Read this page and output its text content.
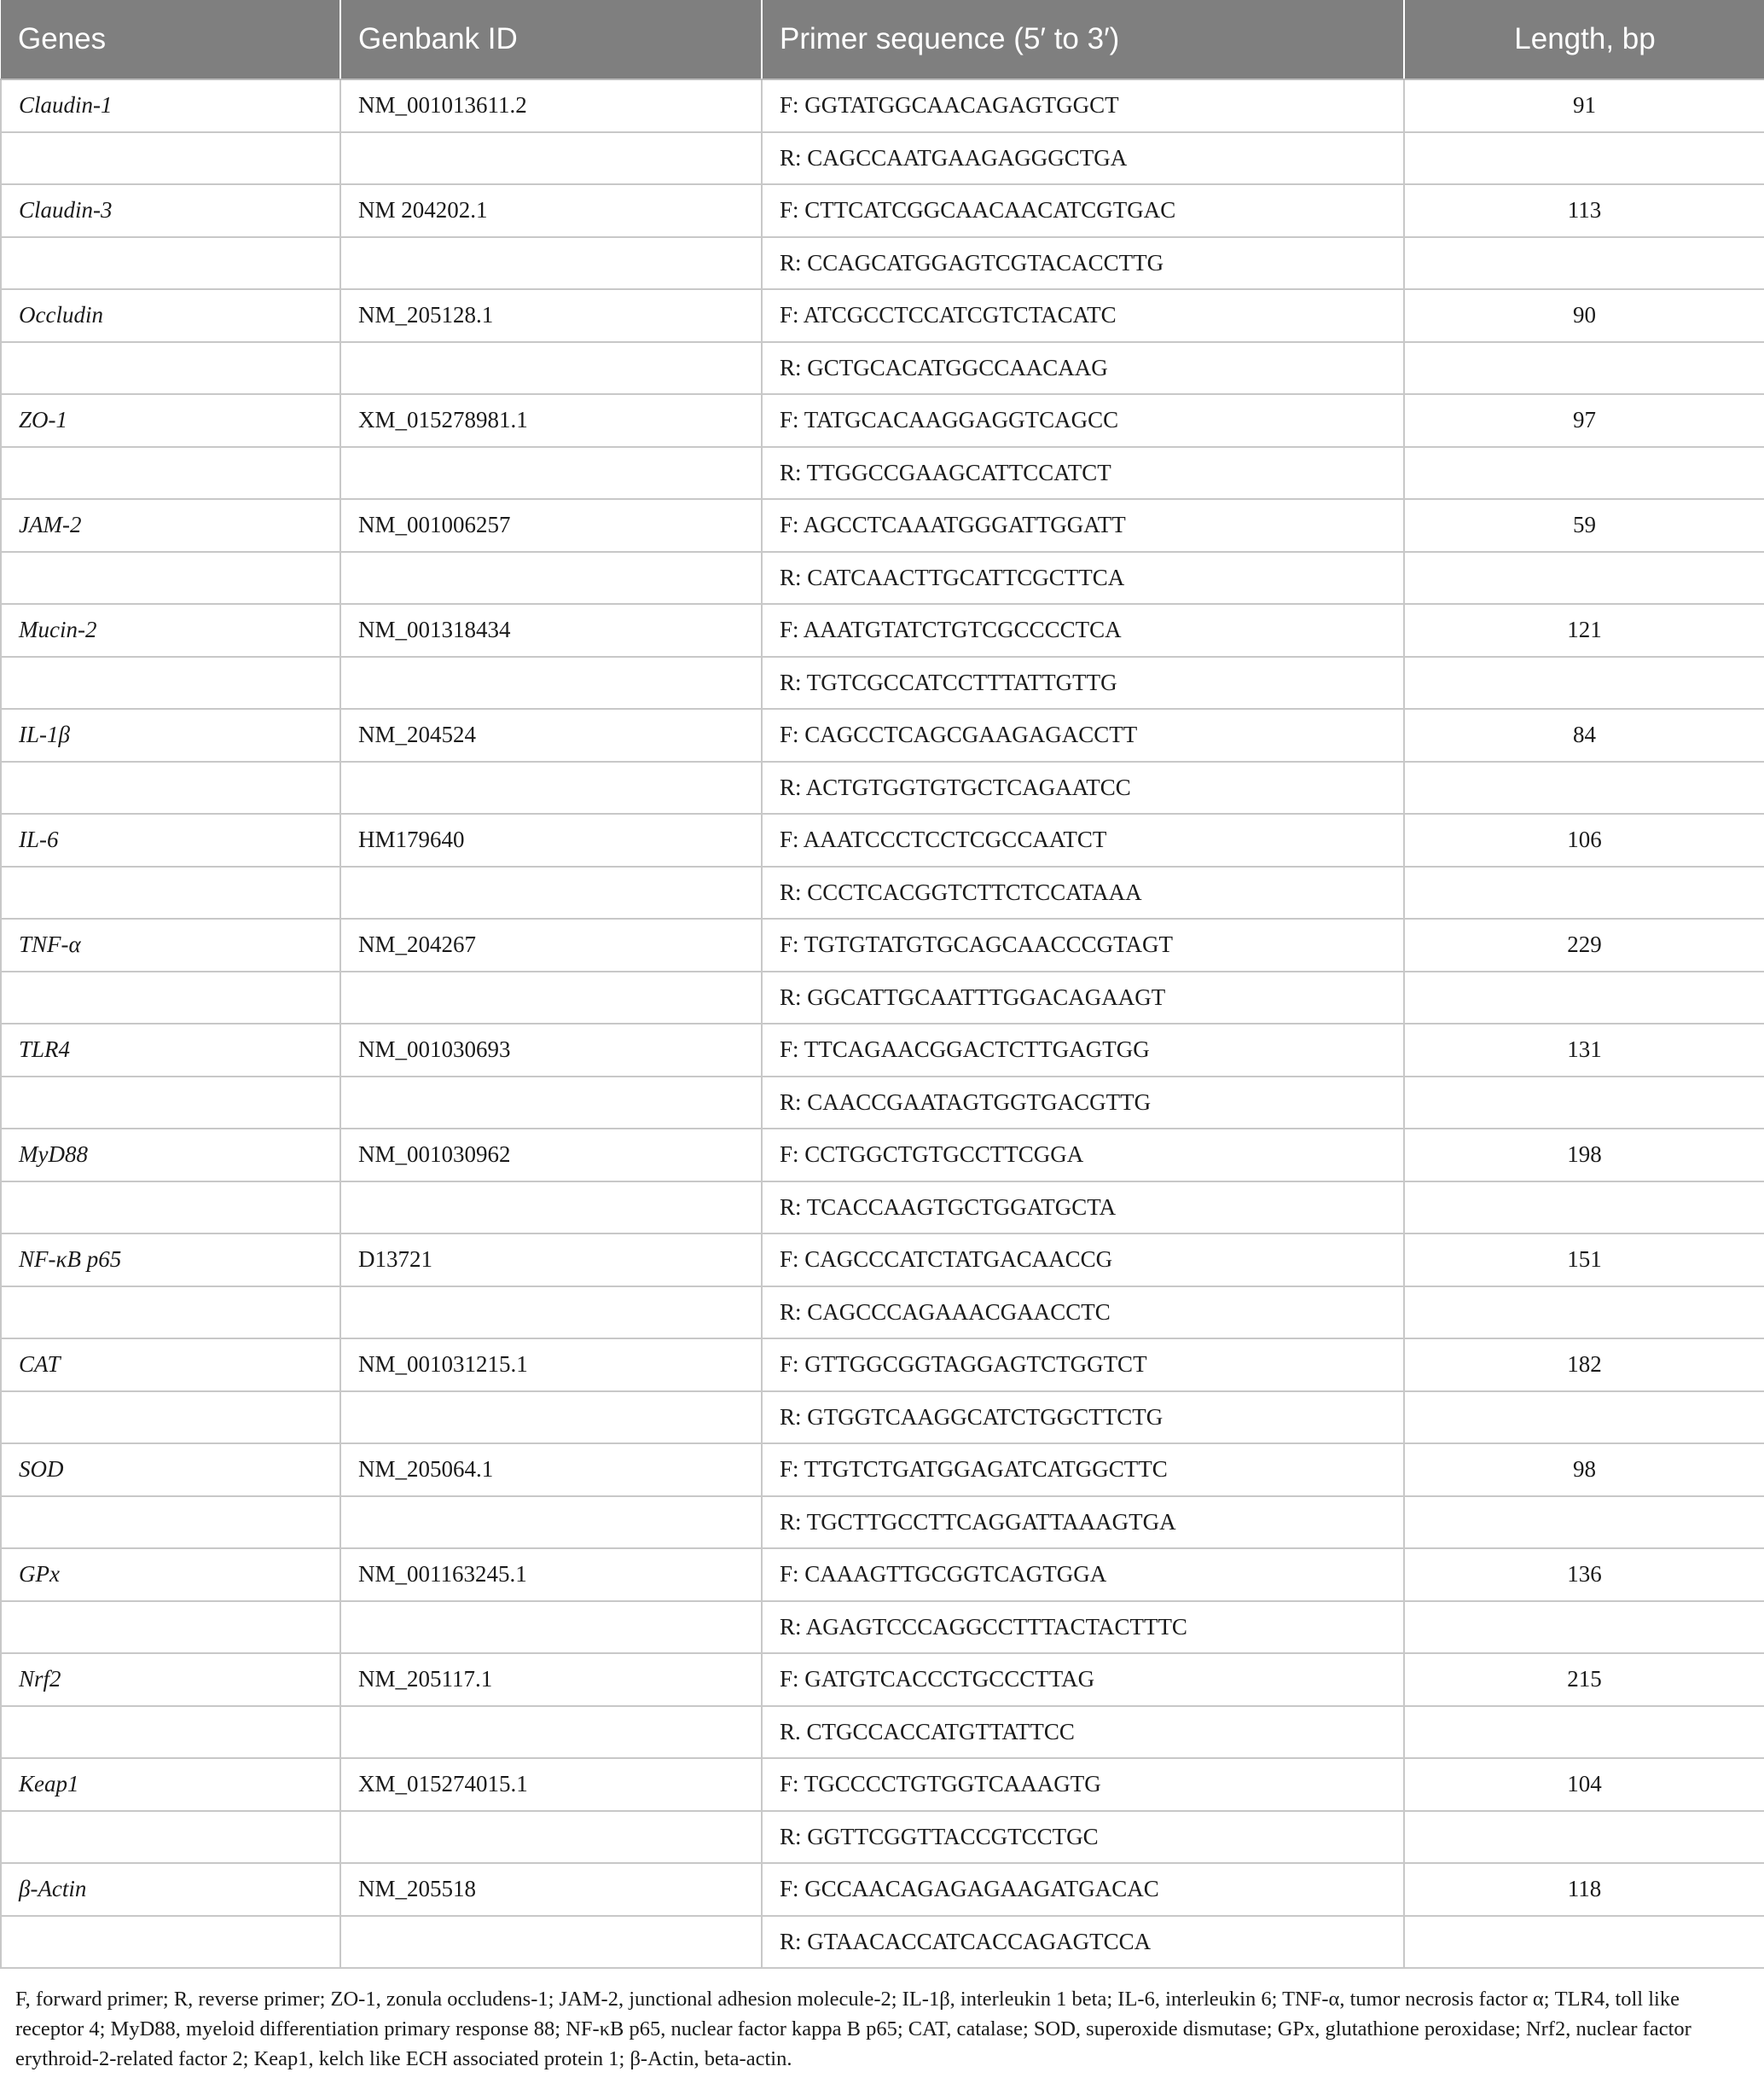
Genes	Genbank ID	Primer sequence (5′ to 3′)	Length, bp
Claudin-1	NM_001013611.2	F: GGTATGGCAACAGAGTGGCT	91
		R: CAGCCAATGAAGAGGGCTGA	
Claudin-3	NM 204202.1	F: CTTCATCGGCAACAACATCGTGAC	113
		R: CCAGCATGGAGTCGTACACCTTG	
Occludin	NM_205128.1	F: ATCGCCTCCATCGTCTACATC	90
		R: GCTGCACATGGCCAACAAG	
ZO-1	XM_015278981.1	F: TATGCACAAGGAGGTCAGCC	97
		R: TTGGCCGAAGCATTCCATCT	
JAM-2	NM_001006257	F: AGCCTCAAATGGGATTGGATT	59
		R: CATCAACTTGCATTCGCTTCA	
Mucin-2	NM_001318434	F: AAATGTATCTGTCGCCCCTCA	121
		R: TGTCGCCATCCTTTATTGTTG	
IL-1β	NM_204524	F: CAGCCTCAGCGAAGAGACCTT	84
		R: ACTGTGGTGTGCTCAGAATCC	
IL-6	HM179640	F: AAATCCCTCCTCGCCAATCT	106
		R: CCCTCACGGTCTTCTCCATAAA	
TNF-α	NM_204267	F: TGTGTATGTGCAGCAACCCGTAGT	229
		R: GGCATTGCAATTTGGACAGAAGT	
TLR4	NM_001030693	F: TTCAGAACGGACTCTTGAGTGG	131
		R: CAACCGAATAGTGGTGACGTTG	
MyD88	NM_001030962	F: CCTGGCTGTGCCTTCGGA	198
		R: TCACCAAGTGCTGGATGCTA	
NF-κB p65	D13721	F: CAGCCCATCTATGACAACCG	151
		R: CAGCCCAGAAACGAACCTC	
CAT	NM_001031215.1	F: GTTGGCGGTAGGAGTCTGGTCT	182
		R: GTGGTCAAGGCATCTGGCTTCTG	
SOD	NM_205064.1	F: TTGTCTGATGGAGATCATGGCTTC	98
		R: TGCTTGCCTTCAGGATTAAAGTGA	
GPx	NM_001163245.1	F: CAAAGTTGCGGTCAGTGGA	136
		R: AGAGTCCCAGGCCTTTACTACTTTC	
Nrf2	NM_205117.1	F: GATGTCACCCTGCCCTTAG	215
		R. CTGCCACCATGTTATTCC	
Keap1	XM_015274015.1	F: TGCCCCTGTGGTCAAAGTG	104
		R: GGTTCGGTTACCGTCCTGC	
β-Actin	NM_205518	F: GCCAACAGAGAGAAGATGACAC	118
		R: GTAACACCATCACCAGAGTCCA	
F, forward primer; R, reverse primer; ZO-1, zonula occludens-1; JAM-2, junctional adhesion molecule-2; IL-1β, interleukin 1 beta; IL-6, interleukin 6; TNF-α, tumor necrosis factor α; TLR4, toll like receptor 4; MyD88, myeloid differentiation primary response 88; NF-κB p65, nuclear factor kappa B p65; CAT, catalase; SOD, superoxide dismutase; GPx, glutathione peroxidase; Nrf2, nuclear factor erythroid-2-related factor 2; Keap1, kelch like ECH associated protein 1; β-Actin, beta-actin.
